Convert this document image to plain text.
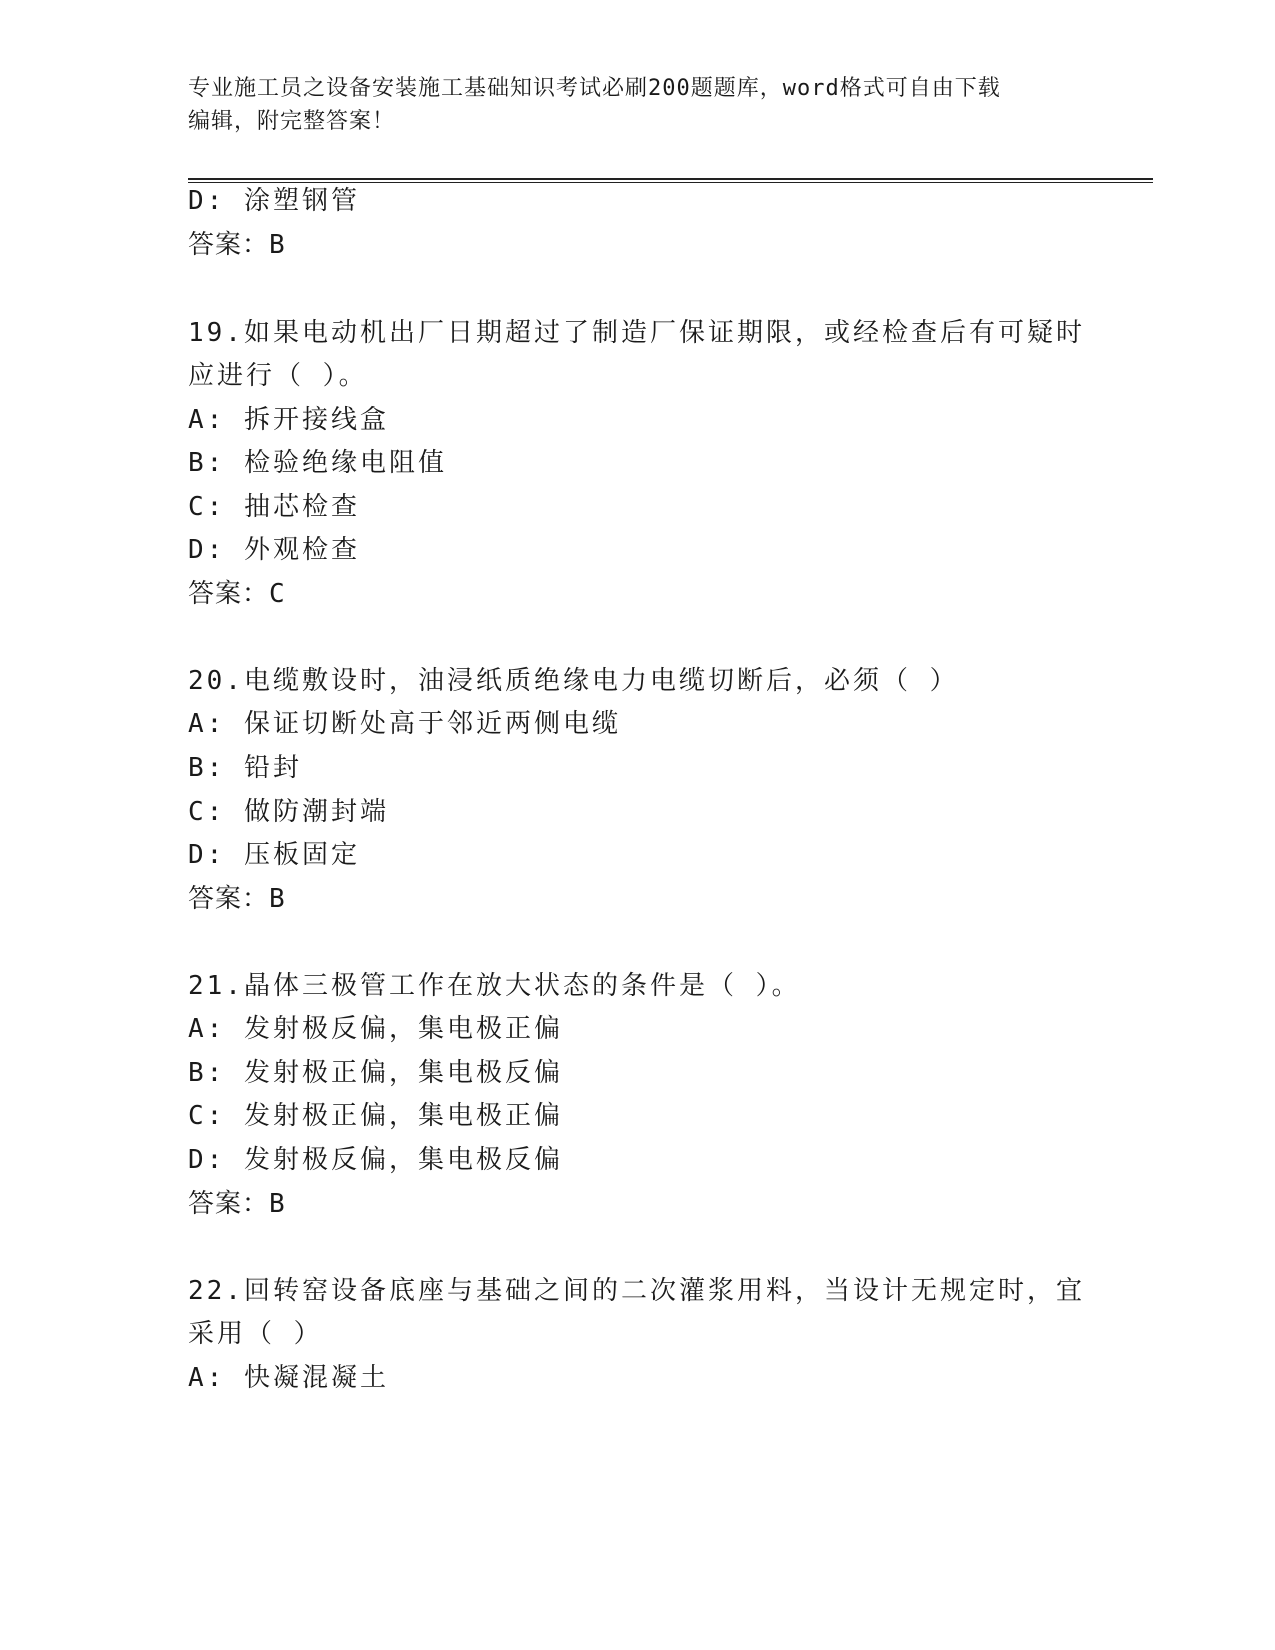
专业施工员之设备安装施工基础知识考试必刷200题题库，word格式可自由下载
编辑，附完整答案！
D: 涂塑钢管
答案：B
19.如果电动机出厂日期超过了制造厂保证期限，或经检查后有可疑时
应进行（ ）。
A: 拆开接线盒
B: 检验绝缘电阻值
C: 抽芯检查
D: 外观检查
答案：C
20.电缆敷设时，油浸纸质绝缘电力电缆切断后，必须（ ）
A: 保证切断处高于邻近两侧电缆
B: 铅封
C: 做防潮封端
D: 压板固定
答案：B
21.晶体三极管工作在放大状态的条件是（ ）。
A: 发射极反偏，集电极正偏
B: 发射极正偏，集电极反偏
C: 发射极正偏，集电极正偏
D: 发射极反偏，集电极反偏
答案：B
22.回转窑设备底座与基础之间的二次灌浆用料，当设计无规定时，宜
采用（ ）
A: 快凝混凝土
